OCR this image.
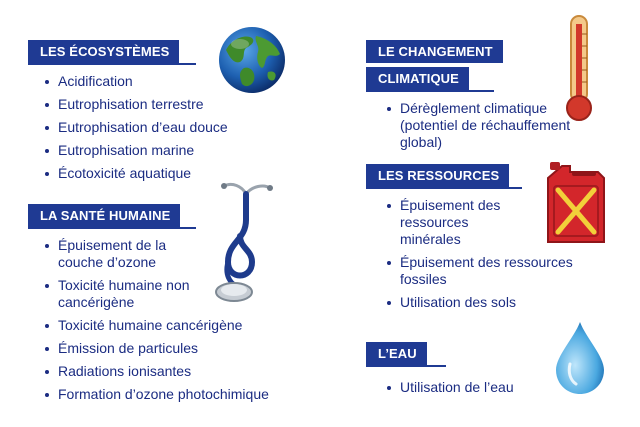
LES ÉCOSYSTÈMES
Acidification
Eutrophisation terrestre
Eutrophisation d’eau douce
Eutrophisation marine
Écotoxicité aquatique
LA SANTÉ HUMAINE
Épuisement de la couche d’ozone
Toxicité humaine non cancérigène
Toxicité humaine cancérigène
Émission de particules
Radiations ionisantes
Formation d’ozone photochimique
LE CHANGEMENT
CLIMATIQUE
Dérèglement climatique (potentiel de réchauffement global)
LES RESSOURCES
Épuisement des ressources minérales
Épuisement des ressources fossiles
Utilisation des sols
L’EAU
Utilisation de l’eau
